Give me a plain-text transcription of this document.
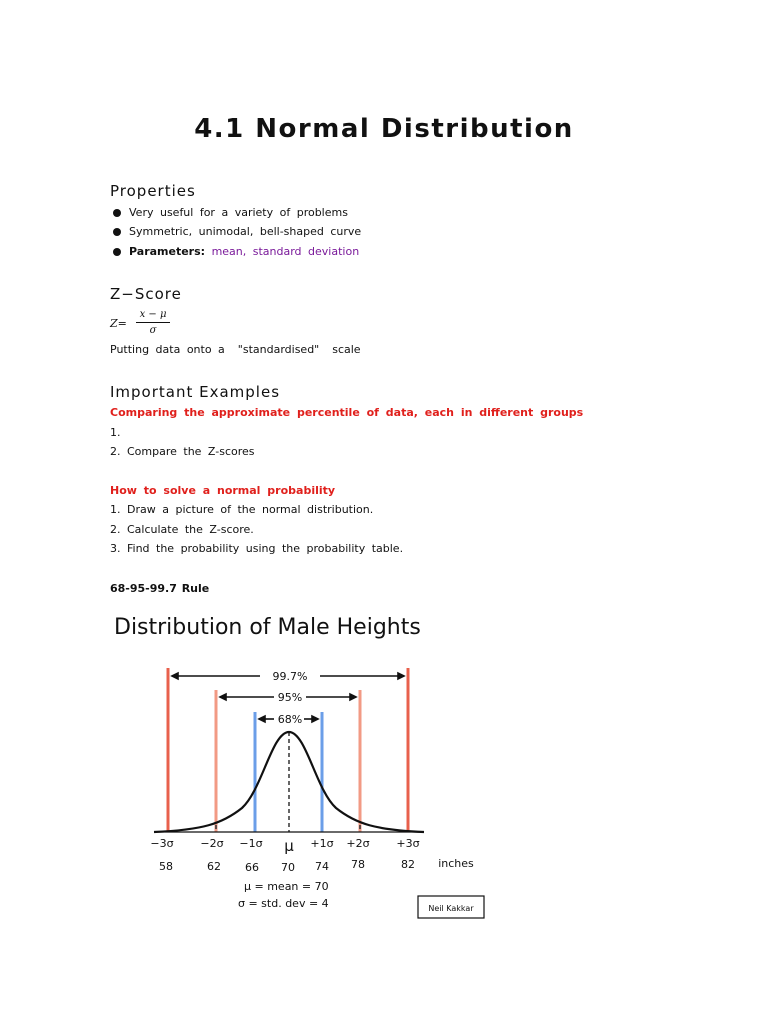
4.1 Normal Distribution
Properties
Very useful for a variety of problems
Symmetric, unimodal, bell-shaped curve
Parameters: mean, standard deviation
Z−Score
Z=
x − μ
σ
Putting data onto a  "standardised"  scale
Important Examples
Comparing the approximate percentile of data, each in different groups
1.
2. Compare the Z-scores
How to solve a normal probability
1. Draw a picture of the normal distribution.
2. Calculate the Z-score.
3. Find the probability using the probability table.
68-95-99.7 Rule
Distribution of Male Heights
99.7%
95%
68%
−3σ −2σ −1σ μ +1σ +2σ +3σ
58	62 66 70 74 78	82 inches
μ = mean = 70
σ = std. dev = 4	Neil Kakkar
